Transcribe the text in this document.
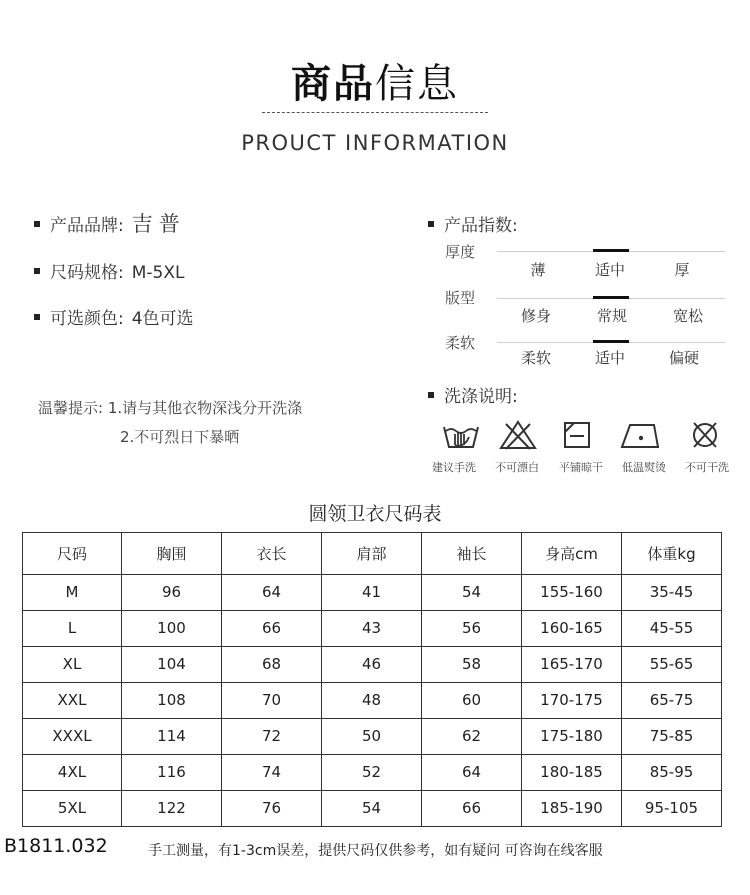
商品信息
PROUCT INFORMATION
产品品牌: 吉普
尺码规格: M-5XL
可选颜色: 4色可选
产品指数:
厚度
薄	适中	厚
版型
修身	常规	宽松
柔软
柔软	适中	偏硬
温馨提示: 1.请与其他衣物深浅分开洗涤
2.不可烈日下暴晒
洗涤说明:
建议手洗	不可漂白	平铺晾干	低温熨烫	不可干洗
圆领卫衣尺码表
尺码	胸围	衣长	肩部	袖长	身高cm	体重kg
M	96	64	41	54	155-160	35-45
L	100	66	43	56	160-165	45-55
XL	104	68	46	58	165-170	55-65
XXL	108	70	48	60	170-175	65-75
XXXL	114	72	50	62	175-180	75-85
4XL	116	74	52	64	180-185	85-95
5XL	122	76	54	66	185-190	95-105
B1811.032	手工测量，有1-3cm误差，提供尺码仅供参考，如有疑问 可咨询在线客服
